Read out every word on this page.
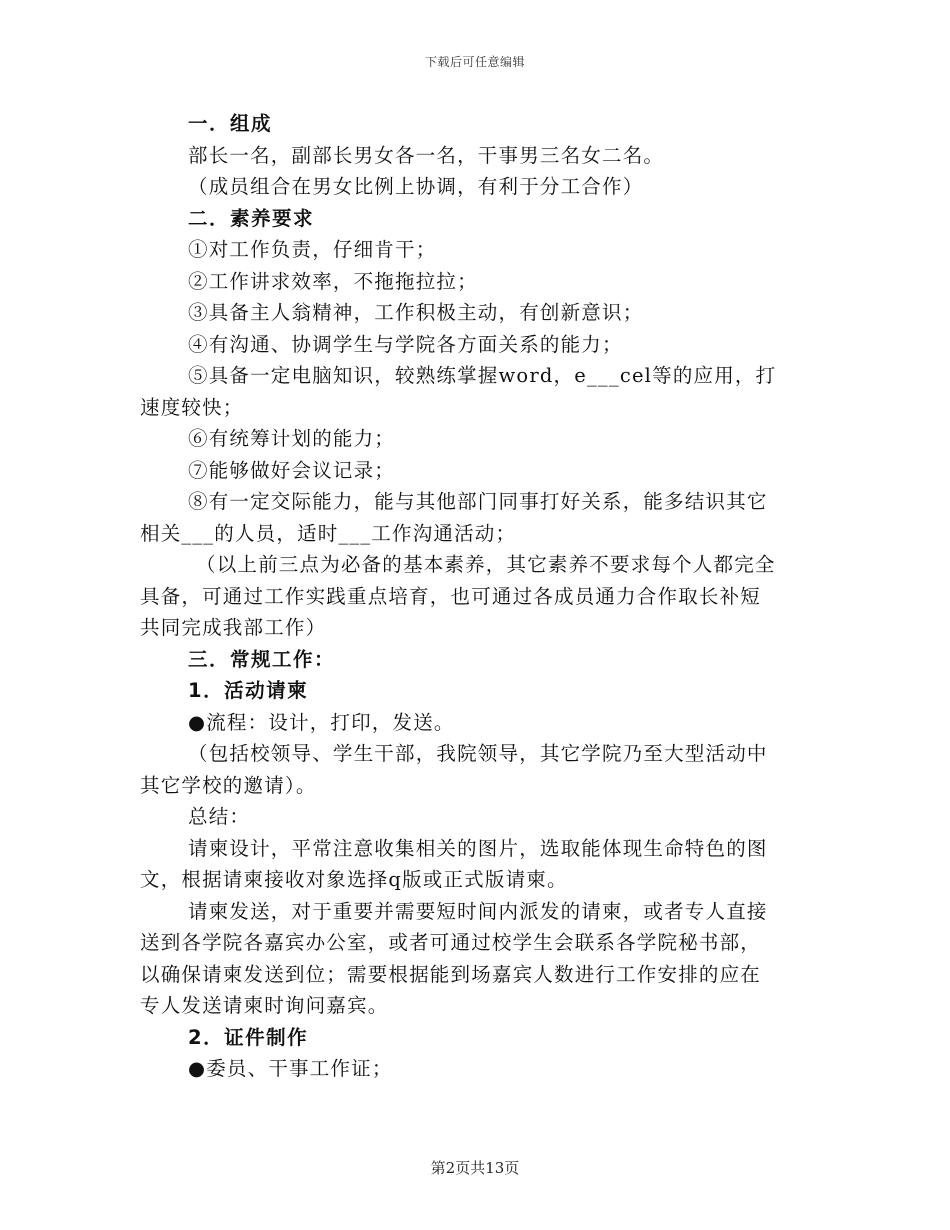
下载后可任意编辑
一．组成
部长一名，副部长男女各一名，干事男三名女二名。
（成员组合在男女比例上协调，有利于分工合作）
二．素养要求
①对工作负责，仔细肯干；
②工作讲求效率，不拖拖拉拉；
③具备主人翁精神，工作积极主动，有创新意识；
④有沟通、协调学生与学院各方面关系的能力；
⑤具备一定电脑知识，较熟练掌握word，e___cel等的应用，打
速度较快；
⑥有统筹计划的能力；
⑦能够做好会议记录；
⑧有一定交际能力，能与其他部门同事打好关系，能多结识其它
相关___的人员，适时___工作沟通活动；
（以上前三点为必备的基本素养，其它素养不要求每个人都完全
具备，可通过工作实践重点培育，也可通过各成员通力合作取长补短
共同完成我部工作）
三．常规工作：
1．活动请柬
●流程：设计，打印，发送。
（包括校领导、学生干部，我院领导，其它学院乃至大型活动中
其它学校的邀请）。
总结：
请柬设计，平常注意收集相关的图片，选取能体现生命特色的图
文，根据请柬接收对象选择q版或正式版请柬。
请柬发送，对于重要并需要短时间内派发的请柬，或者专人直接
送到各学院各嘉宾办公室，或者可通过校学生会联系各学院秘书部，
以确保请柬发送到位；需要根据能到场嘉宾人数进行工作安排的应在
专人发送请柬时询问嘉宾。
2．证件制作
●委员、干事工作证；
第2页共13页
